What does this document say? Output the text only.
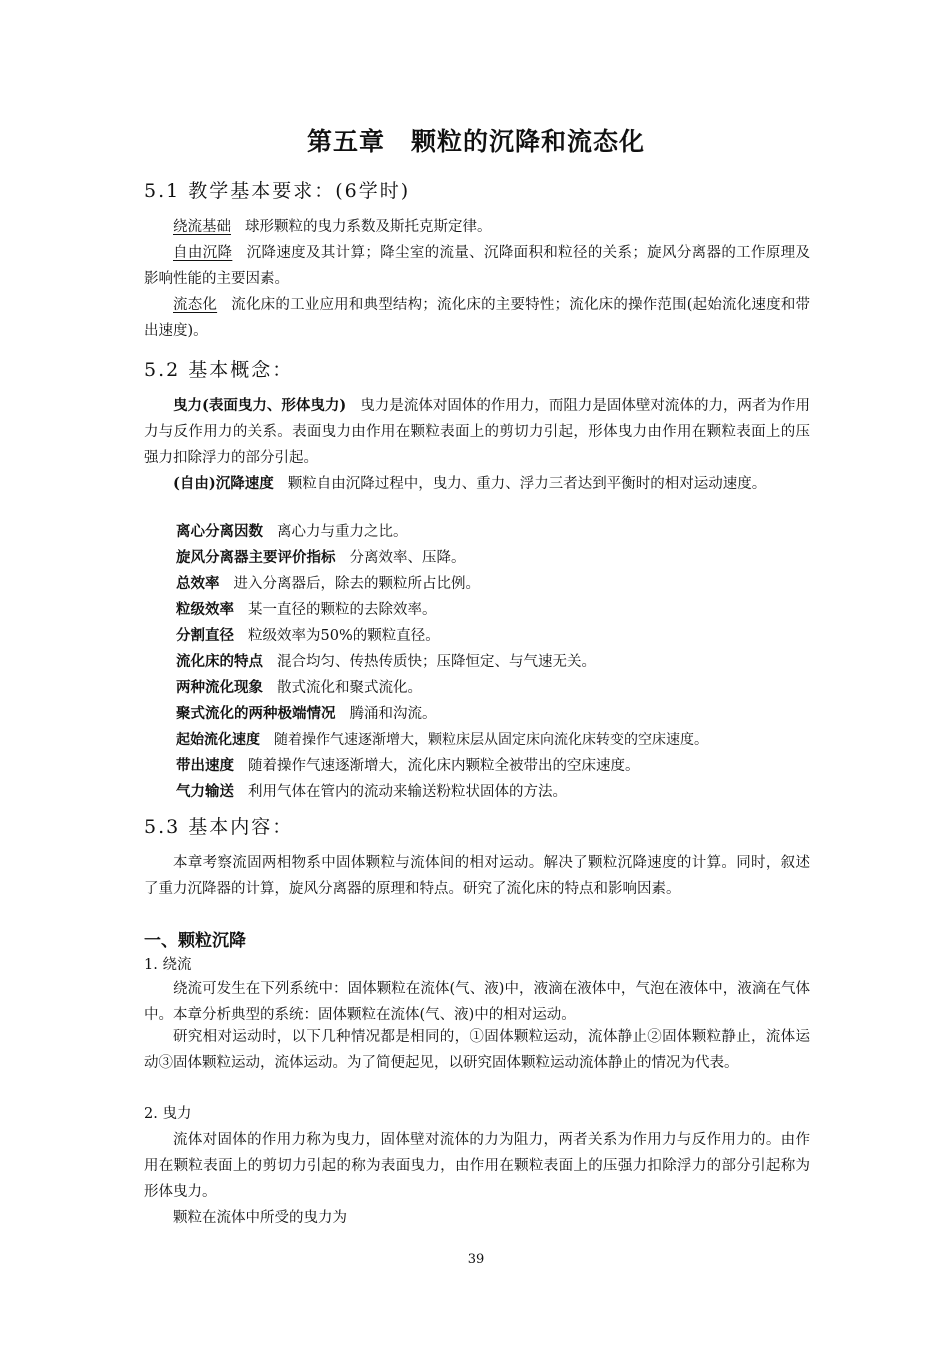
第五章　颗粒的沉降和流态化
5.1 教学基本要求：(6学时)
绕流基础 球形颗粒的曳力系数及斯托克斯定律。
自由沉降 沉降速度及其计算；降尘室的流量、沉降面积和粒径的关系；旋风分离器的工作原理及影响性能的主要因素。
流态化 流化床的工业应用和典型结构；流化床的主要特性；流化床的操作范围(起始流化速度和带出速度)。
5.2 基本概念：
曳力(表面曳力、形体曳力) 曳力是流体对固体的作用力，而阻力是固体壁对流体的力，两者为作用力与反作用力的关系。表面曳力由作用在颗粒表面上的剪切力引起，形体曳力由作用在颗粒表面上的压强力扣除浮力的部分引起。
(自由)沉降速度 颗粒自由沉降过程中，曳力、重力、浮力三者达到平衡时的相对运动速度。
离心分离因数 离心力与重力之比。
旋风分离器主要评价指标 分离效率、压降。
总效率 进入分离器后，除去的颗粒所占比例。
粒级效率 某一直径的颗粒的去除效率。
分割直径 粒级效率为50%的颗粒直径。
流化床的特点 混合均匀、传热传质快；压降恒定、与气速无关。
两种流化现象 散式流化和聚式流化。
聚式流化的两种极端情况 腾涌和沟流。
起始流化速度 随着操作气速逐渐增大，颗粒床层从固定床向流化床转变的空床速度。
带出速度 随着操作气速逐渐增大，流化床内颗粒全被带出的空床速度。
气力输送 利用气体在管内的流动来输送粉粒状固体的方法。
5.3 基本内容：
本章考察流固两相物系中固体颗粒与流体间的相对运动。解决了颗粒沉降速度的计算。同时，叙述了重力沉降器的计算，旋风分离器的原理和特点。研究了流化床的特点和影响因素。
一、颗粒沉降
1. 绕流
绕流可发生在下列系统中：固体颗粒在流体(气、液)中，液滴在液体中，气泡在液体中，液滴在气体中。本章分析典型的系统：固体颗粒在流体(气、液)中的相对运动。
研究相对运动时，以下几种情况都是相同的，①固体颗粒运动，流体静止②固体颗粒静止，流体运动③固体颗粒运动，流体运动。为了简便起见，以研究固体颗粒运动流体静止的情况为代表。
2. 曳力
流体对固体的作用力称为曳力，固体壁对流体的力为阻力，两者关系为作用力与反作用力的。由作用在颗粒表面上的剪切力引起的称为表面曳力，由作用在颗粒表面上的压强力扣除浮力的部分引起称为形体曳力。
颗粒在流体中所受的曳力为
39
